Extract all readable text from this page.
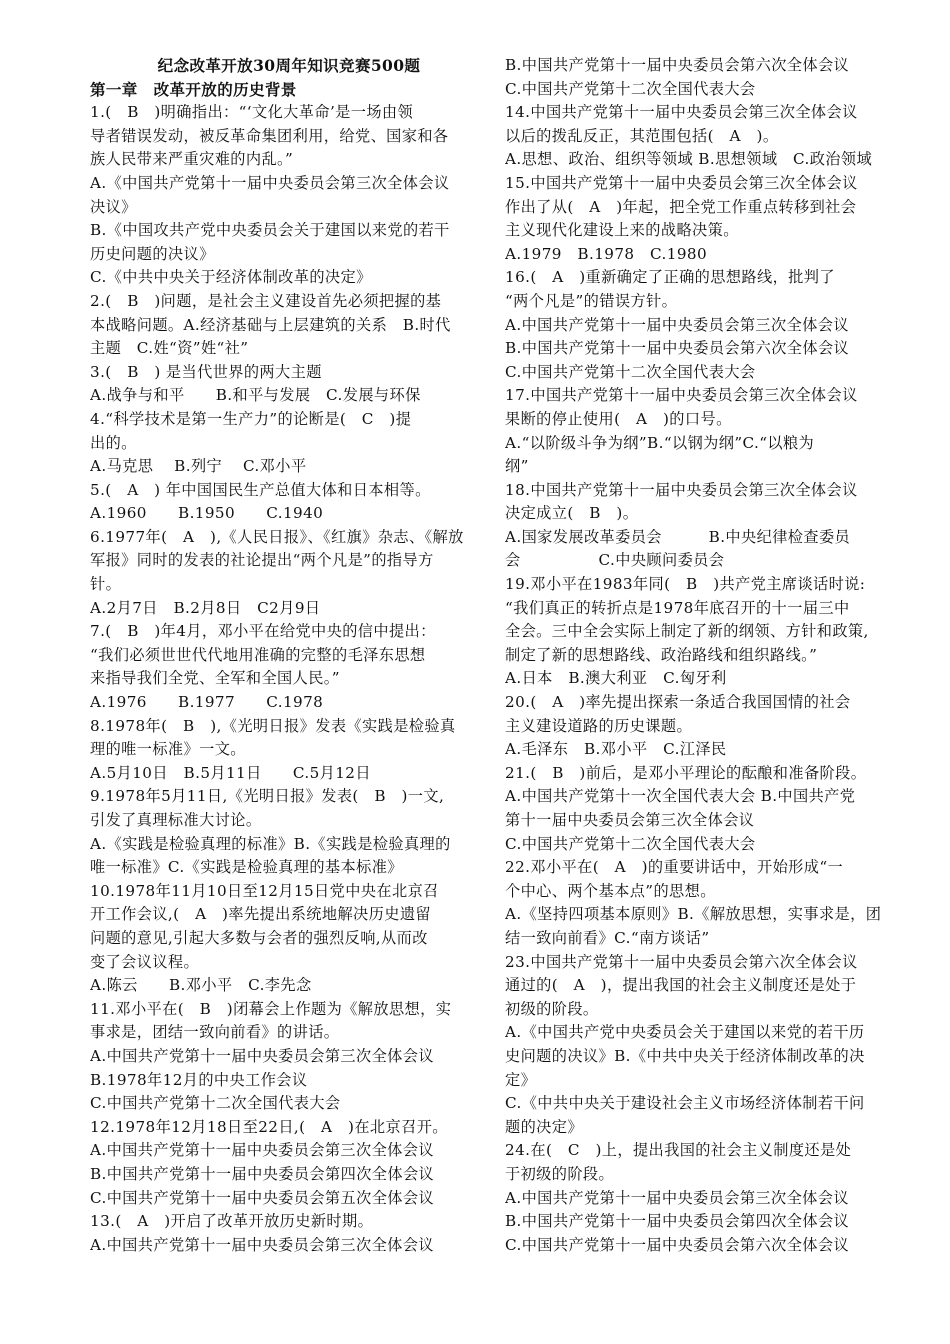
纪念改革开放30周年知识竞赛500题
第一章　改革开放的历史背景
1.(　B　)明确指出：“‘文化大革命’是一场由领
导者错误发动，被反革命集团利用，给党、国家和各
族人民带来严重灾难的内乱。”
A.《中国共产党第十一届中央委员会第三次全体会议
决议》
B.《中国攻共产党中央委员会关于建国以来党的若干
历史问题的决议》
C.《中共中央关于经济体制改革的决定》
2.(　B　)问题，是社会主义建设首先必须把握的基
本战略问题。A.经济基础与上层建筑的关系　B.时代
主题　C.姓“资”姓“社”
3.(　B　) 是当代世界的两大主题
A.战争与和平　　B.和平与发展　C.发展与环保
4.“科学技术是第一生产力”的论断是(　C　)提
出的。
A.马克思　 B.列宁　 C.邓小平
5.(　A　) 年中国国民生产总值大体和日本相等。
A.1960　　B.1950　　C.1940
6.1977年(　A　),《人民日报》、《红旗》杂志、《解放
军报》同时的发表的社论提出“两个凡是”的指导方
针。
A.2月7日　B.2月8日　C2月9日
7.(　B　)年4月，邓小平在给党中央的信中提出：
“我们必须世世代代地用准确的完整的毛泽东思想
来指导我们全党、全军和全国人民。”
A.1976　　B.1977　　C.1978
8.1978年(　B　),《光明日报》发表《实践是检验真
理的唯一标准》一文。
A.5月10日　B.5月11日　　C.5月12日
9.1978年5月11日,《光明日报》发表(　B　)一文,
引发了真理标准大讨论。
A.《实践是检验真理的标准》B.《实践是检验真理的
唯一标准》C.《实践是检验真理的基本标准》
10.1978年11月10日至12月15日党中央在北京召
开工作会议,(　A　)率先提出系统地解决历史遗留
问题的意见,引起大多数与会者的强烈反响,从而改
变了会议议程。
A.陈云　　B.邓小平　C.李先念
11.邓小平在(　B　)闭幕会上作题为《解放思想，实
事求是，团结一致向前看》的讲话。
A.中国共产党第十一届中央委员会第三次全体会议
B.1978年12月的中央工作会议
C.中国共产党第十二次全国代表大会
12.1978年12月18日至22日,(　A　)在北京召开。
A.中国共产党第十一届中央委员会第三次全体会议
B.中国共产党第十一届中央委员会第四次全体会议
C.中国共产党第十一届中央委员会第五次全体会议
13.(　A　)开启了改革开放历史新时期。
A.中国共产党第十一届中央委员会第三次全体会议
B.中国共产党第十一届中央委员会第六次全体会议
C.中国共产党第十二次全国代表大会
14.中国共产党第十一届中央委员会第三次全体会议
以后的拨乱反正，其范围包括(　A　)。
A.思想、政治、组织等领域 B.思想领域　C.政治领域
15.中国共产党第十一届中央委员会第三次全体会议
作出了从(　A　)年起，把全党工作重点转移到社会
主义现代化建设上来的战略决策。
A.1979　B.1978　C.1980
16.(　A　)重新确定了正确的思想路线，批判了
“两个凡是”的错误方针。
A.中国共产党第十一届中央委员会第三次全体会议
B.中国共产党第十一届中央委员会第六次全体会议
C.中国共产党第十二次全国代表大会
17.中国共产党第十一届中央委员会第三次全体会议
果断的停止使用(　A　)的口号。
A.“以阶级斗争为纲”B.“以钢为纲”C.“以粮为
纲”
18.中国共产党第十一届中央委员会第三次全体会议
决定成立(　B　)。
A.国家发展改革委员会　　　B.中央纪律检查委员
会　　　　　C.中央顾问委员会
19.邓小平在1983年同(　B　)共产党主席谈话时说:
“我们真正的转折点是1978年底召开的十一届三中
全会。三中全会实际上制定了新的纲领、方针和政策,
制定了新的思想路线、政治路线和组织路线。”
A.日本　B.澳大利亚　C.匈牙利
20.(　A　)率先提出探索一条适合我国国情的社会
主义建设道路的历史课题。
A.毛泽东　B.邓小平　C.江泽民
21.(　B　)前后，是邓小平理论的酝酿和准备阶段。
A.中国共产党第十一次全国代表大会 B.中国共产党
第十一届中央委员会第三次全体会议
C.中国共产党第十二次全国代表大会
22.邓小平在(　A　)的重要讲话中，开始形成“一
个中心、两个基本点”的思想。
A.《坚持四项基本原则》B.《解放思想，实事求是，团
结一致向前看》C.“南方谈话”
23.中国共产党第十一届中央委员会第六次全体会议
通过的(　A　)，提出我国的社会主义制度还是处于
初级的阶段。
A.《中国共产党中央委员会关于建国以来党的若干历
史问题的决议》B.《中共中央关于经济体制改革的决
定》
C.《中共中央关于建设社会主义市场经济体制若干问
题的决定》
24.在(　C　)上，提出我国的社会主义制度还是处
于初级的阶段。
A.中国共产党第十一届中央委员会第三次全体会议
B.中国共产党第十一届中央委员会第四次全体会议
C.中国共产党第十一届中央委员会第六次全体会议
